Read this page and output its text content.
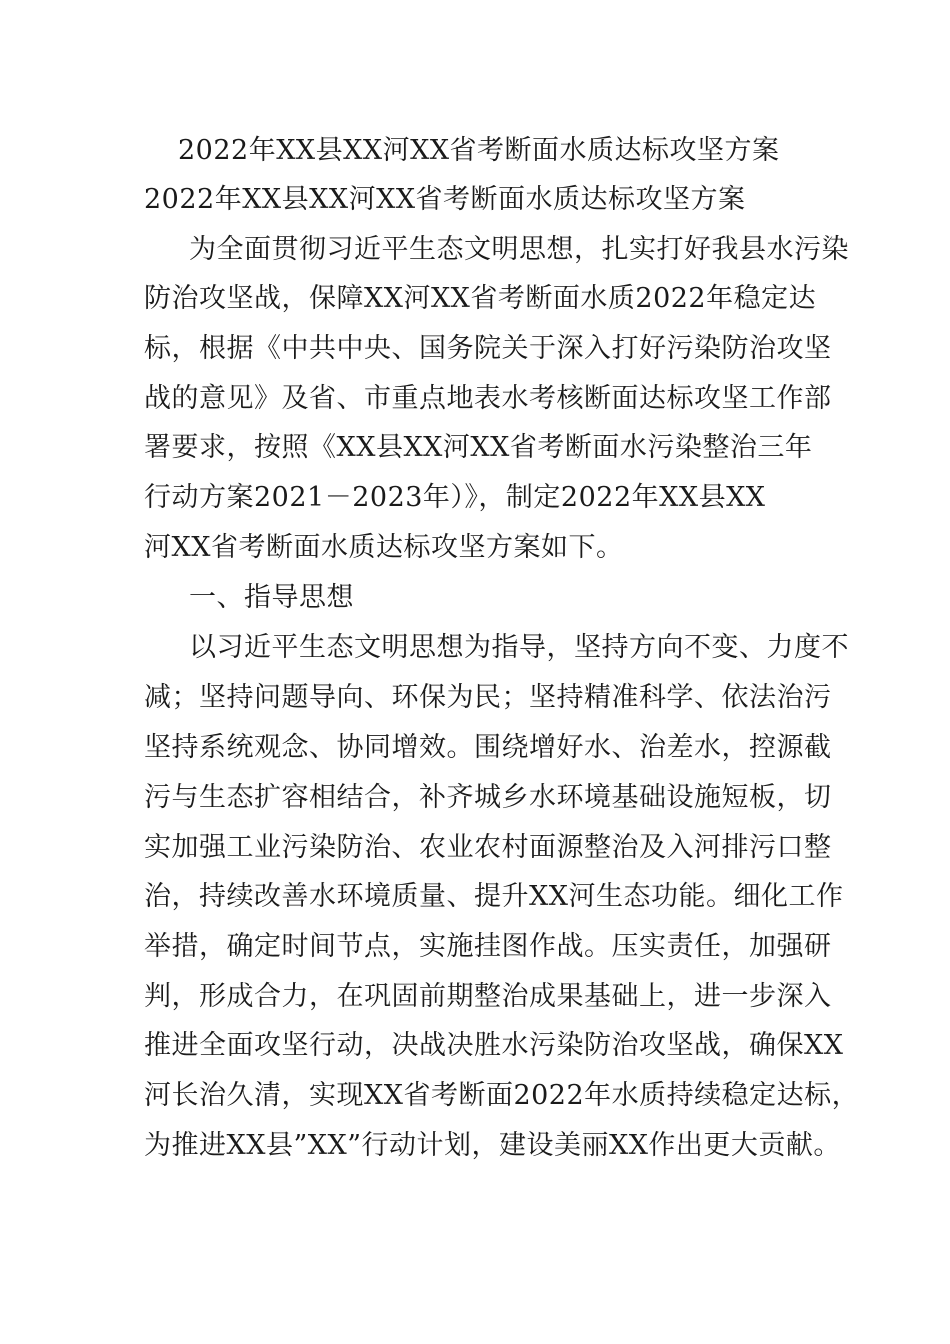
2022年XX县XX河XX省考断面水质达标攻坚方案
2022年XX县XX河XX省考断面水质达标攻坚方案
为全面贯彻习近平生态文明思想，扎实打好我县水污染
防治攻坚战，保障XX河XX省考断面水质2022年稳定达
标，根据《中共中央、国务院关于深入打好污染防治攻坚
战的意见》及省、市重点地表水考核断面达标攻坚工作部
署要求，按照《XX县XX河XX省考断面水污染整治三年
行动方案2021－2023年）》，制定2022年XX县XX
河XX省考断面水质达标攻坚方案如下。
一、指导思想
以习近平生态文明思想为指导，坚持方向不变、力度不
减；坚持问题导向、环保为民；坚持精准科学、依法治污
坚持系统观念、协同增效。围绕增好水、治差水，控源截
污与生态扩容相结合，补齐城乡水环境基础设施短板，切
实加强工业污染防治、农业农村面源整治及入河排污口整
治，持续改善水环境质量、提升XX河生态功能。细化工作
举措，确定时间节点，实施挂图作战。压实责任，加强研
判，形成合力，在巩固前期整治成果基础上，进一步深入
推进全面攻坚行动，决战决胜水污染防治攻坚战，确保XX
河长治久清，实现XX省考断面2022年水质持续稳定达标，
为推进XX县”XX”行动计划，建设美丽XX作出更大贡献。
